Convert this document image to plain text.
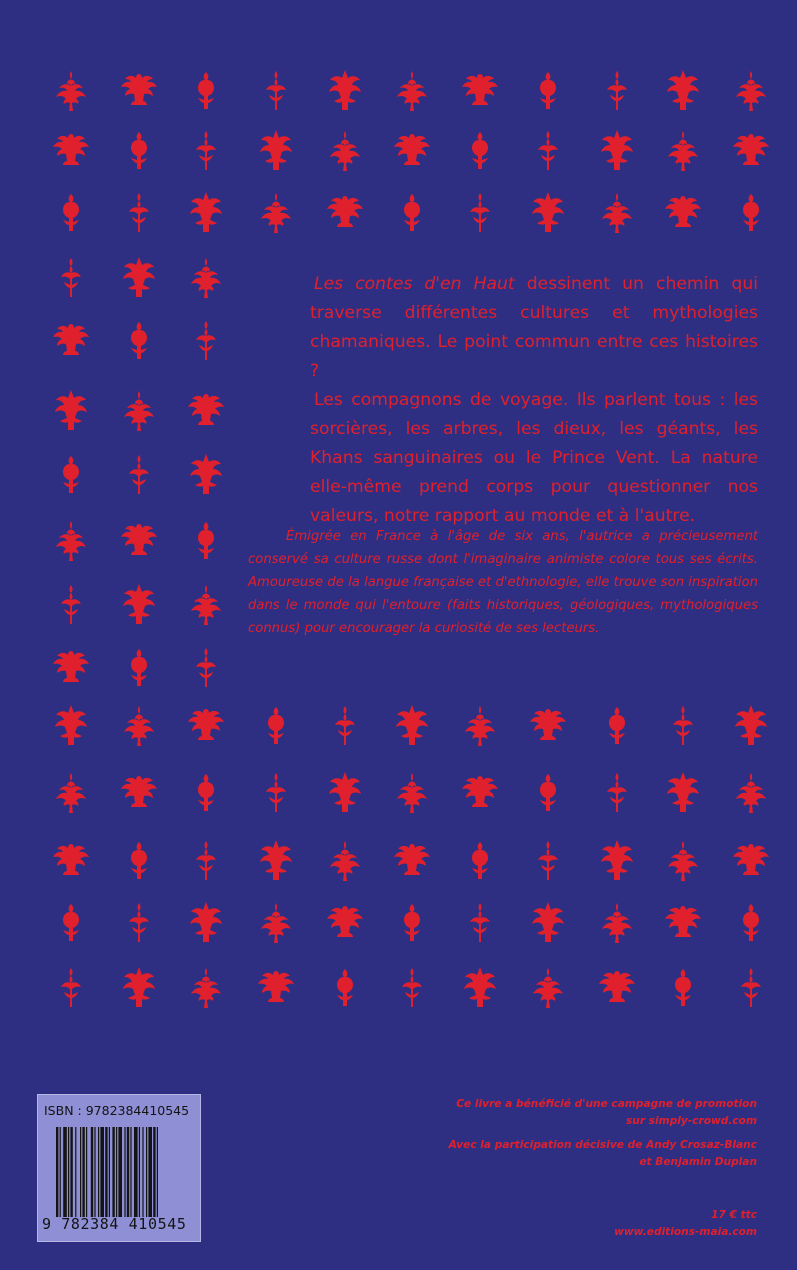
Les contes d'en Haut dessinent un chemin qui traverse différentes cultures et mythologies chamaniques. Le point commun entre ces histoires ?

Les compagnons de voyage. Ils parlent tous : les sorcières, les arbres, les dieux, les géants, les Khans sanguinaires ou le Prince Vent. La nature elle-même prend corps pour questionner nos valeurs, notre rapport au monde et à l'autre.

Émigrée en France à l'âge de six ans, l'autrice a précieusement conservé sa culture russe dont l'imaginaire animiste colore tous ses écrits. Amoureuse de la langue française et d'ethnologie, elle trouve son inspiration dans le monde qui l'entoure (faits historiques, géologiques, mythologiques connus) pour encourager la curiosité de ses lecteurs.
ISBN : 9782384410545
9 782384 410545

Ce livre a bénéficié d'une campagne de promotion
sur simply-crowd.com

Avec la participation décisive de Andy Crosaz-Blanc
et Benjamin Duplan

17 € ttc
www.editions-maia.com
